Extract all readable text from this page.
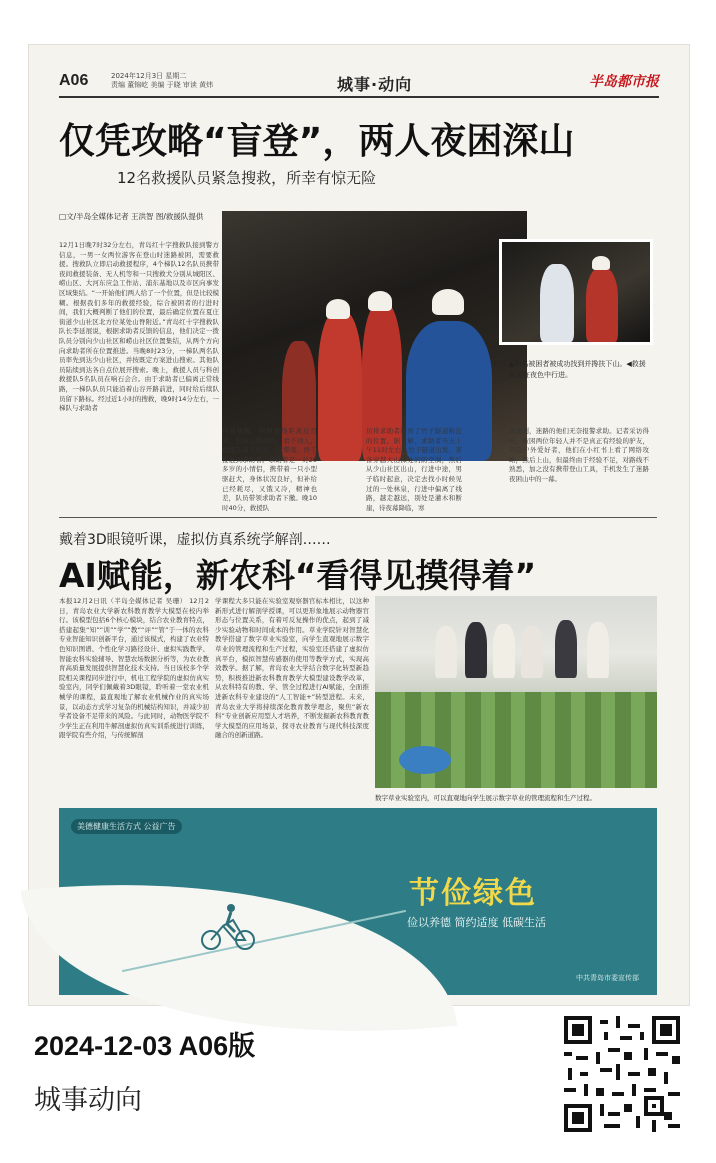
A06	2024年12月3日 星期二
责编 董锦屹 美编 于晓 审读 黄炜	城事·动向	半岛都市报
仅凭攻略“盲登”，两人夜困深山
12名救援队员紧急搜救，所幸有惊无险
□文/半岛全媒体记者 王洪智 图/救援队提供
12月1日晚7时32分左右，青岛红十字搜救队接到警方信息，一男一女两位游客在登山时迷路被困，需要救援。搜救队立即启动救援程序，4个梯队12名队员携带夜间救援装备、无人机等和一只搜救犬分别从城阳区、崂山区、大河东应急工作站、浦东基地以及市区向事发区域集结。“一开始他们两人给了一个位置，但是比较模糊。根据我们多年的救援经验，综合被困者的行进时间，我们大概判断了他们的位置，最后确定位置在夏庄街道少山社区北方位某处山脊附近。”青岛红十字搜救队队长李延展说，根据求助者反馈的信息，他们决定一拨队员分别向少山社区和崂山社区位置集结，从两个方向向求助者所在位置推进。当晚8时23分，一梯队两名队员率先到达少山社区，并按既定方案进山搜索。其他队员陆续到达各自点位展开搜索。晚上，救援人员与科创救援队5名队员在响石会合。由于求助者已偏离正常线路，一梯队队员只能沿着山谷开路前进，同时给后续队员留下路标。经过近1小时的搜救，晚9时14分左右，一梯队与求助者
▲两名被困者被成功找到并搀扶下山。◀救援队员在夜色中行进。
声音接触，判断直线距离近百米。但因山体阻挡，看不到人，救援队员又经过一段攀爬，终于接触到求助者。求助者是一对20多岁的小情侣，携带着一只小型驱赶犬，身体状况良好，但补给已经耗尽，又饿又冷，精神也差，队员带领求助者下撤。晚10时40分，救援队
员将求助者送到了竹子隧道附近的位置。据了解，求助者当天上午11时左右从竹子隧道出发，准备穿越大山深处的防空洞，然后从少山社区出山，行进中途，男子临时起意，决定去找小时候见过的一处林泉，行进中偏离了线路，越走越远，别处是灌木和断崖，待夜幕降临，寒
风凛冽，迷路的他们无奈报警求助。记者采访得知，被困两位年轻人并不是真正有经验的驴友，只是户外爱好者，他们在小红书上看了网络攻略，然后上山，但最终由于经验不足，对路线不熟悉，加之没有携带登山工具，手机发生了迷路夜困山中的一幕。
戴着3D眼镜听课，虚拟仿真系统学解剖……
AI赋能，新农科“看得见摸得着”
本报12月2日讯（半岛全媒体记者 吴珊） 12月2日，青岛农业大学新农科教育教学大模型在校内举行。该模型包括6个核心模块，结合农业教育特点，搭建起集“知”“训”“学”“教”“评”“管”于一体的农科专业智能知识创新平台，通过该模式，构建了农业特色知识图谱、个性化学习路径设计、虚拟实践教学、智能农科实验辅导、智慧农场数据分析等，为农业教育高质量发展提供智慧化技术支持。当日该校多个学院相关课程同步进行中，机电工程学院的虚拟仿真实验室内，同学们佩戴着3D眼镜，聆听着一堂农业机械学的课程，最直观地了解农业机械作业的真实场景，以动态方式学习复杂的机械结构知识，并减少初学者设备不足带来的风险。与此同时，动物医学院不少学生正在利用牛解剖虚拟仿真实训系统进行训练，跟学院有些介绍，与传统解剖
学课程大多只能在实验室观察器官标本相比，以这种新形式进行解剖学授课，可以更形象地展示动物器官形态与位置关系，有着可反复操作的优点，起到了减少实验动物和时间成本的作用。草业学院针对智慧化教学搭建了数字草业实验室，向学生直观地展示数字草业的管理流程和生产过程，实验室还搭建了虚拟仿真平台，模拟智慧传感器的使用等教学方式，实现高效教学。据了解，青岛农业大学结合数字化转型新趋势，积极推进新农科教育教学大模型建设教学改革，从农科特有的教、学、管全过程进行AI赋能，全面推进新农科专业建设的“人工智能+”转型进程。未来，青岛农业大学将持续深化教育教学理念，聚焦“新农科”专业创新应用型人才培养，不断发掘新农科教育教学大模型的应用场景，探寻农业教育与现代科技深度融合的创新道路。
数字草业实验室内，可以直观地向学生展示数字草业的管理流程和生产过程。
美德健康生活方式 公益广告
节俭绿色
俭以养德 简约适度 低碳生活
中共青岛市委宣传部
2024-12-03 A06版
城事动向
